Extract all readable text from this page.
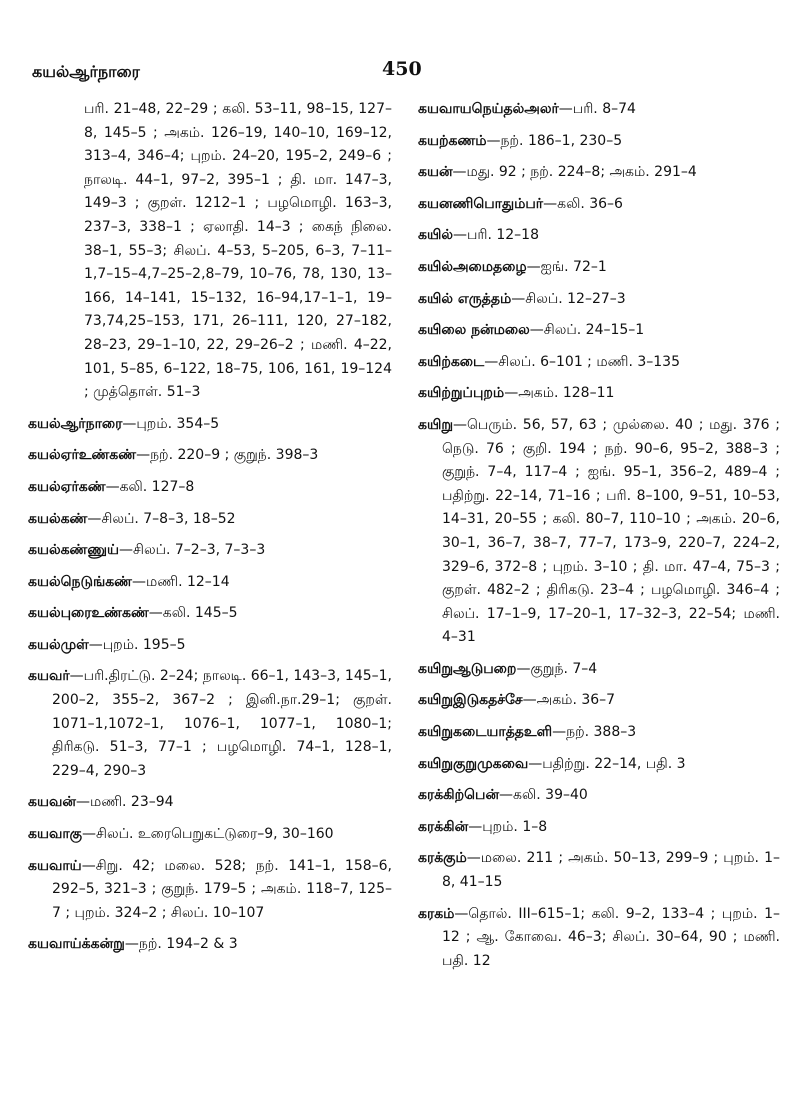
கயல்ஆர்நாரை	450

பரி. 21–48, 22–29 ; கலி. 53–11, 98–15, 127–8, 145–5 ; அகம். 126–19, 140–10, 169–12, 313–4, 346–4; புறம். 24–20, 195–2, 249–6 ; நாலடி. 44–1, 97–2, 395–1 ; தி. மா. 147–3, 149–3 ; குறள். 1212–1 ; பழமொழி. 163–3, 237–3, 338–1 ; ஏலாதி. 14–3 ; கைந் நிலை. 38–1, 55–3; சிலப். 4–53, 5–205, 6–3, 7–11–1,7–15–4,7–25–2,8–79, 10–76, 78, 130, 13–166, 14–141, 15–132, 16–94,17–1–1, 19–73,74,25–153, 171, 26–111, 120, 27–182, 28–23, 29–1–10, 22, 29–26–2 ; மணி. 4–22, 101, 5–85, 6–122, 18–75, 106, 161, 19–124 ; முத்தொள். 51–3

கயல்ஆர்நாரை—புறம். 354–5

கயல்ஏர்உண்கண்—நற். 220–9 ; குறுந். 398–3

கயல்ஏர்கண்—கலி. 127–8

கயல்கண்—சிலப். 7–8–3, 18–52

கயல்கண்ணுய்—சிலப். 7–2–3, 7–3–3

கயல்நெடுங்கண்—மணி. 12–14

கயல்புரைஉண்கண்—கலி. 145–5

கயல்முள்—புறம். 195–5

கயவர்—பரி.திரட்டு. 2–24; நாலடி. 66–1, 143–3, 145–1, 200–2, 355–2, 367–2 ; இனி.நா.29–1; குறள். 1071–1,1072–1, 1076–1, 1077–1, 1080–1; திரிகடு. 51–3, 77–1 ; பழமொழி. 74–1, 128–1, 229–4, 290–3

கயவன்—மணி. 23–94

கயவாகு—சிலப். உரைபெறுகட்டுரை–9, 30–160

கயவாய்—சிறு. 42; மலை. 528; நற். 141–1, 158–6, 292–5, 321–3 ; குறுந். 179–5 ; அகம். 118–7, 125–7 ; புறம். 324–2 ; சிலப். 10–107

கயவாய்க்கன்று—நற். 194–2 & 3

கயவாயநெய்தல்அலர்—பரி. 8–74

கயற்கணம்—நற். 186–1, 230–5

கயன்—மது. 92 ; நற். 224–8; அகம். 291–4

கயனணிபொதும்பர்—கலி. 36–6

கயில்—பரி. 12–18

கயில்அமைதழை—ஐங். 72–1

கயில் எருத்தம்—சிலப். 12–27–3

கயிலை நன்மலை—சிலப். 24–15–1

கயிற்கடை—சிலப். 6–101 ; மணி. 3–135

கயிற்றுப்புறம்—அகம். 128–11

கயிறு—பெரும். 56, 57, 63 ; முல்லை. 40 ; மது. 376 ; நெடு. 76 ; குறி. 194 ; நற். 90–6, 95–2, 388–3 ; குறுந். 7–4, 117–4 ; ஐங். 95–1, 356–2, 489–4 ; பதிற்று. 22–14, 71–16 ; பரி. 8–100, 9–51, 10–53, 14–31, 20–55 ; கலி. 80–7, 110–10 ; அகம். 20–6, 30–1, 36–7, 38–7, 77–7, 173–9, 220–7, 224–2, 329–6, 372–8 ; புறம். 3–10 ; தி. மா. 47–4, 75–3 ; குறள். 482–2 ; திரிகடு. 23–4 ; பழமொழி. 346–4 ; சிலப். 17–1–9, 17–20–1, 17–32–3, 22–54; மணி. 4–31

கயிறுஆடுபறை—குறுந். 7–4

கயிறுஇடுகதச்சே—அகம். 36–7

கயிறுகடையாத்தஉளி—நற். 388–3

கயிறுகுறுமுகவை—பதிற்று. 22–14, பதி. 3

கரக்கிற்பென்—கலி. 39–40

கரக்கின்—புறம். 1–8

கரக்கும்—மலை. 211 ; அகம். 50–13, 299–9 ; புறம். 1–8, 41–15

கரகம்—தொல். III–615–1; கலி. 9–2, 133–4 ; புறம். 1–12 ; ஆ. கோவை. 46–3; சிலப். 30–64, 90 ; மணி. பதி. 12
